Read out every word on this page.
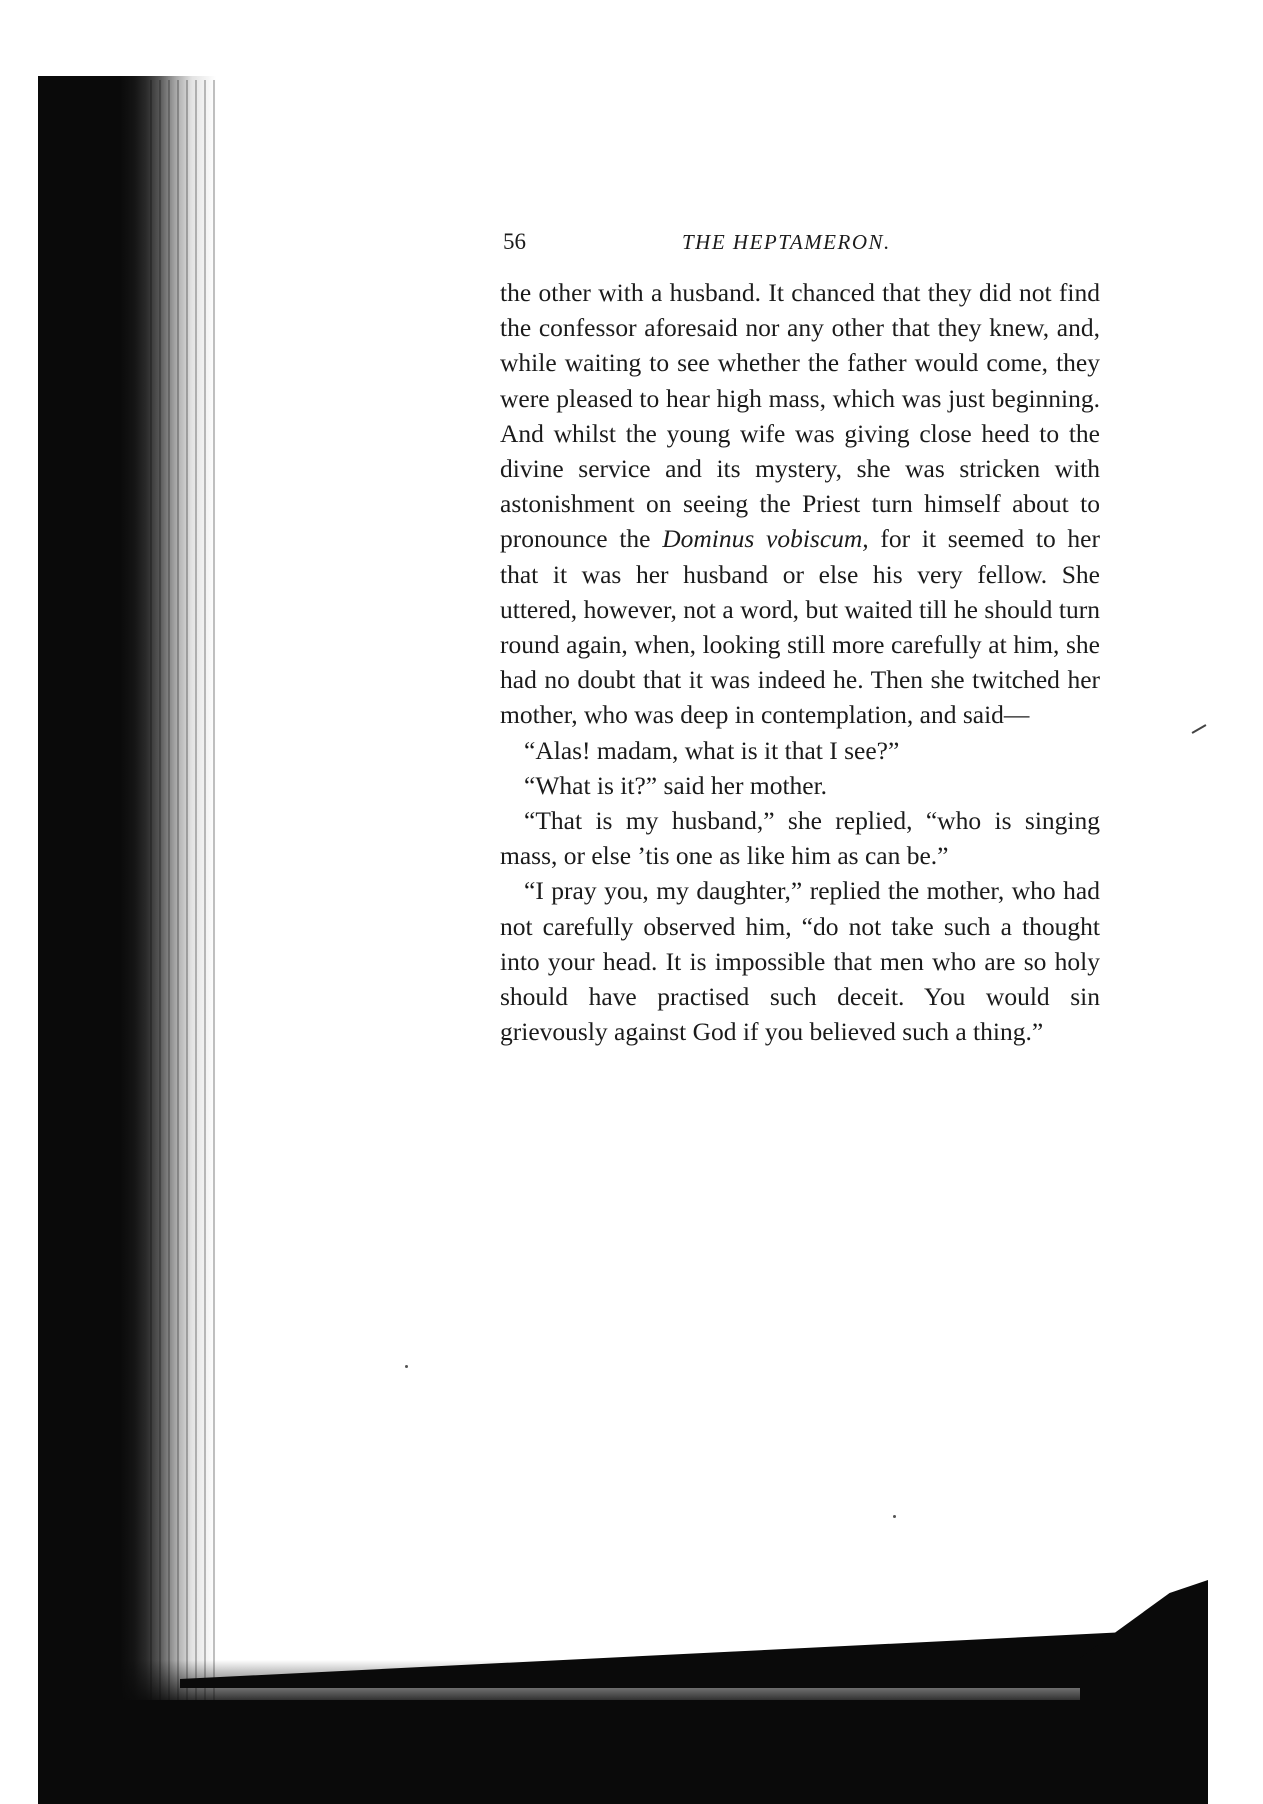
56	THE HEPTAMERON.

the other with a husband. It chanced that they did not find the confessor aforesaid nor any other that they knew, and, while waiting to see whether the father would come, they were pleased to hear high mass, which was just beginning. And whilst the young wife was giving close heed to the divine service and its mystery, she was stricken with astonishment on seeing the Priest turn himself about to pronounce the Dominus vobiscum, for it seemed to her that it was her husband or else his very fellow. She uttered, however, not a word, but waited till he should turn round again, when, looking still more carefully at him, she had no doubt that it was indeed he. Then she twitched her mother, who was deep in contemplation, and said—

“Alas! madam, what is it that I see?”

“What is it?” said her mother.

“That is my husband,” she replied, “who is singing mass, or else ’tis one as like him as can be.”

“I pray you, my daughter,” replied the mother, who had not carefully observed him, “do not take such a thought into your head. It is impossible that men who are so holy should have practised such deceit. You would sin grievously against God if you believed such a thing.”
